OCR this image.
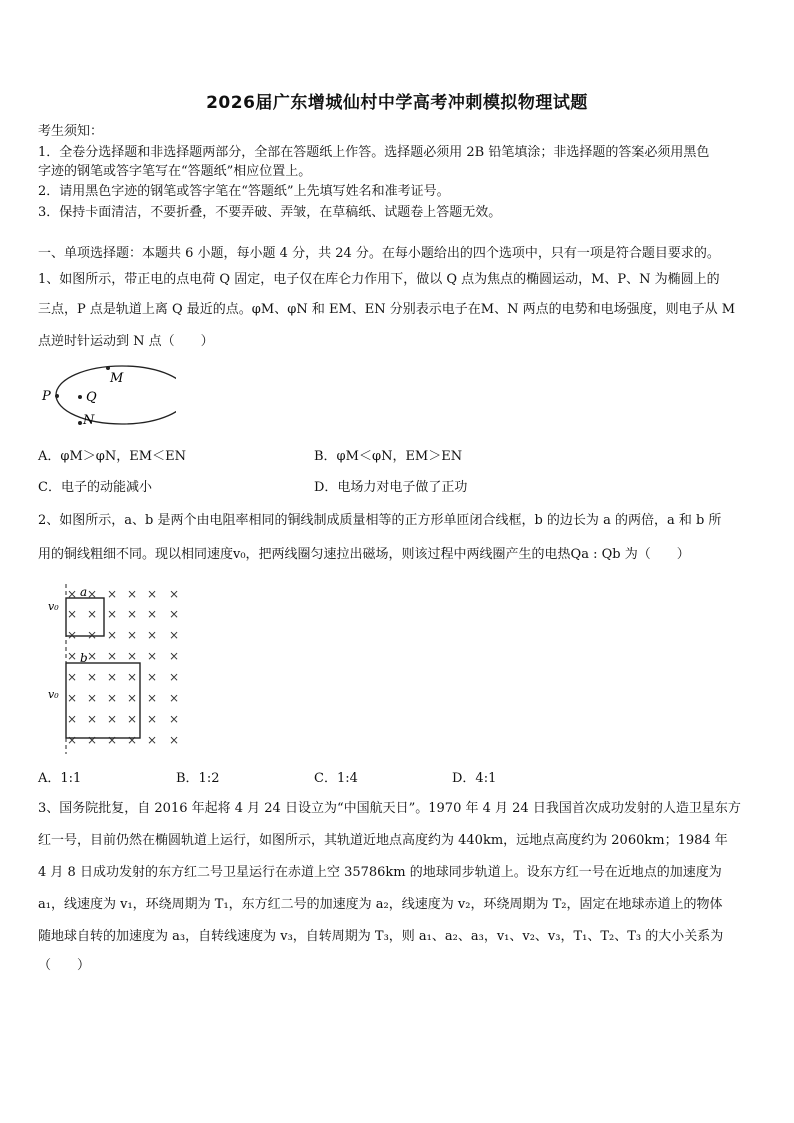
2026届广东增城仙村中学高考冲刺模拟物理试题
考生须知：
1．全卷分选择题和非选择题两部分，全部在答题纸上作答。选择题必须用 2B 铅笔填涂；非选择题的答案必须用黑色
字迹的钢笔或答字笔写在“答题纸”相应位置上。
2．请用黑色字迹的钢笔或答字笔在“答题纸”上先填写姓名和准考证号。
3．保持卡面清洁，不要折叠，不要弄破、弄皱，在草稿纸、试题卷上答题无效。
一、单项选择题：本题共 6 小题，每小题 4 分，共 24 分。在每小题给出的四个选项中，只有一项是符合题目要求的。
1、如图所示，带正电的点电荷 Q 固定，电子仅在库仑力作用下，做以 Q 点为焦点的椭圆运动，M、P、N 为椭圆上的
三点，P 点是轨道上离 Q 最近的点。φM、φN 和 EM、EN 分别表示电子在M、N 两点的电势和电场强度，则电子从 M
点逆时针运动到 N 点（　　）
P	Q
M
N
A．φM＞φN，EM＜EN	B．φM＜φN，EM＞EN
C．电子的动能减小	D．电场力对电子做了正功
2、如图所示，a、b 是两个由电阻率相同的铜线制成质量相等的正方形单匝闭合线框，b 的边长为 a 的两倍，a 和 b 所
用的铜线粗细不同。现以相同速度v₀，把两线圈匀速拉出磁场，则该过程中两线圈产生的电热Qa : Qb 为（　　）
× × × × × ×
× × × × × ×
× × × × × ×
× × × × × ×
× × × × × ×
× × × × × ×
× × × × × ×
× × × × × ×
a
b
v₀
v₀
A．1:1	B．1:2	C．1:4	D．4:1
3、国务院批复，自 2016 年起将 4 月 24 日设立为“中国航天日”。1970 年 4 月 24 日我国首次成功发射的人造卫星东方
红一号，目前仍然在椭圆轨道上运行，如图所示，其轨道近地点高度约为 440km，远地点高度约为 2060km；1984 年
4 月 8 日成功发射的东方红二号卫星运行在赤道上空 35786km 的地球同步轨道上。设东方红一号在近地点的加速度为
a₁，线速度为 v₁，环绕周期为 T₁，东方红二号的加速度为 a₂，线速度为 v₂，环绕周期为 T₂，固定在地球赤道上的物体
随地球自转的加速度为 a₃，自转线速度为 v₃，自转周期为 T₃，则 a₁、a₂、a₃，v₁、v₂、v₃，T₁、T₂、T₃ 的大小关系为
（　　）
